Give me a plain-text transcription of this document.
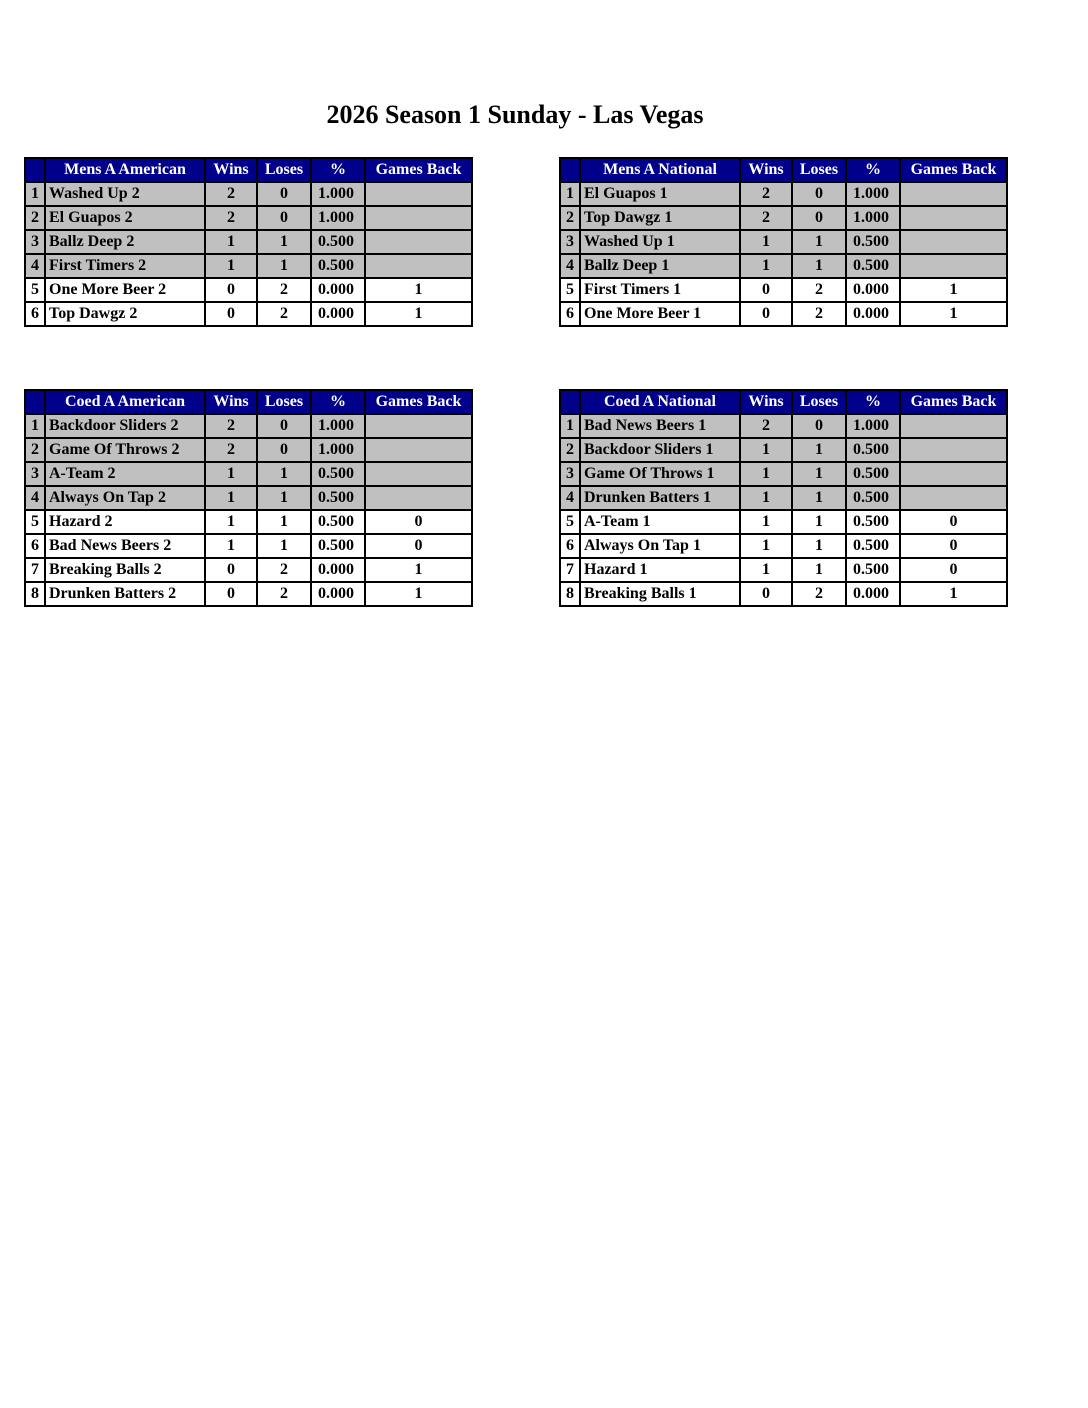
2026 Season 1 Sunday - Las Vegas
	Mens A American	Wins	Loses	%	Games Back
1	Washed Up 2	2	0	1.000	
2	El Guapos 2	2	0	1.000	
3	Ballz Deep 2	1	1	0.500	
4	First Timers 2	1	1	0.500	
5	One More Beer 2	0	2	0.000	1
6	Top Dawgz 2	0	2	0.000	1
	Mens A National	Wins	Loses	%	Games Back
1	El Guapos 1	2	0	1.000	
2	Top Dawgz 1	2	0	1.000	
3	Washed Up 1	1	1	0.500	
4	Ballz Deep 1	1	1	0.500	
5	First Timers 1	0	2	0.000	1
6	One More Beer 1	0	2	0.000	1
	Coed A American	Wins	Loses	%	Games Back
1	Backdoor Sliders 2	2	0	1.000	
2	Game Of Throws 2	2	0	1.000	
3	A-Team 2	1	1	0.500	
4	Always On Tap 2	1	1	0.500	
5	Hazard 2	1	1	0.500	0
6	Bad News Beers 2	1	1	0.500	0
7	Breaking Balls 2	0	2	0.000	1
8	Drunken Batters 2	0	2	0.000	1
	Coed A National	Wins	Loses	%	Games Back
1	Bad News Beers 1	2	0	1.000	
2	Backdoor Sliders 1	1	1	0.500	
3	Game Of Throws 1	1	1	0.500	
4	Drunken Batters 1	1	1	0.500	
5	A-Team 1	1	1	0.500	0
6	Always On Tap 1	1	1	0.500	0
7	Hazard 1	1	1	0.500	0
8	Breaking Balls 1	0	2	0.000	1
